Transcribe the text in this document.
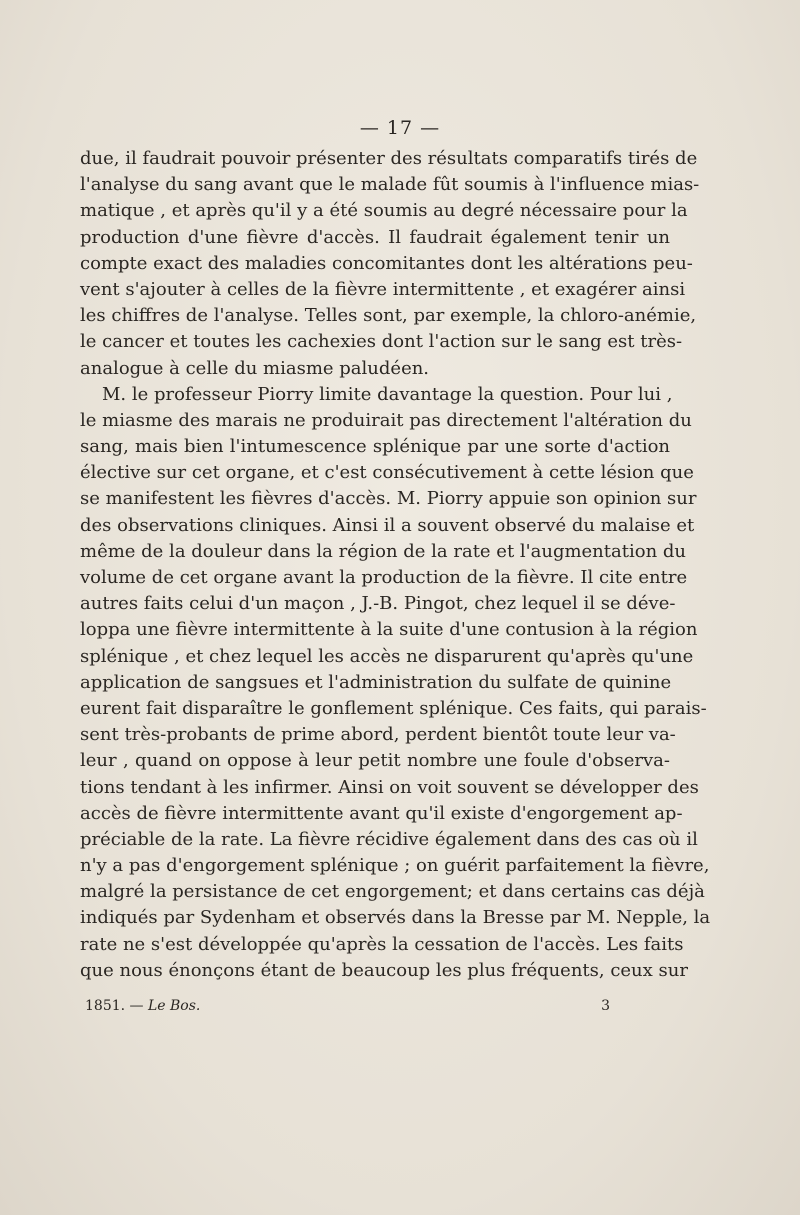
— 17 —
due, il faudrait pouvoir présenter des résultats comparatifs tirés de
l'analyse du sang avant que le malade fût soumis à l'influence mias-
matique , et après qu'il y a été soumis au degré nécessaire pour la
production d'une fièvre d'accès. Il faudrait également tenir un
compte exact des maladies concomitantes dont les altérations peu-
vent s'ajouter à celles de la fièvre intermittente , et exagérer ainsi
les chiffres de l'analyse. Telles sont, par exemple, la chloro-anémie,
le cancer et toutes les cachexies dont l'action sur le sang est très-
analogue à celle du miasme paludéen.
M. le professeur Piorry limite davantage la question. Pour lui ,
le miasme des marais ne produirait pas directement l'altération du
sang, mais bien l'intumescence splénique par une sorte d'action
élective sur cet organe, et c'est consécutivement à cette lésion que
se manifestent les fièvres d'accès. M. Piorry appuie son opinion sur
des observations cliniques. Ainsi il a souvent observé du malaise et
même de la douleur dans la région de la rate et l'augmentation du
volume de cet organe avant la production de la fièvre. Il cite entre
autres faits celui d'un maçon , J.-B. Pingot, chez lequel il se déve-
loppa une fièvre intermittente à la suite d'une contusion à la région
splénique , et chez lequel les accès ne disparurent qu'après qu'une
application de sangsues et l'administration du sulfate de quinine
eurent fait disparaître le gonflement splénique. Ces faits, qui parais-
sent très-probants de prime abord, perdent bientôt toute leur va-
leur , quand on oppose à leur petit nombre une foule d'observa-
tions tendant à les infirmer. Ainsi on voit souvent se développer des
accès de fièvre intermittente avant qu'il existe d'engorgement ap-
préciable de la rate. La fièvre récidive également dans des cas où il
n'y a pas d'engorgement splénique ; on guérit parfaitement la fièvre,
malgré la persistance de cet engorgement; et dans certains cas déjà
indiqués par Sydenham et observés dans la Bresse par M. Nepple, la
rate ne s'est développée qu'après la cessation de l'accès. Les faits
que nous énonçons étant de beaucoup les plus fréquents, ceux sur
1851. — Le Bos.	3
